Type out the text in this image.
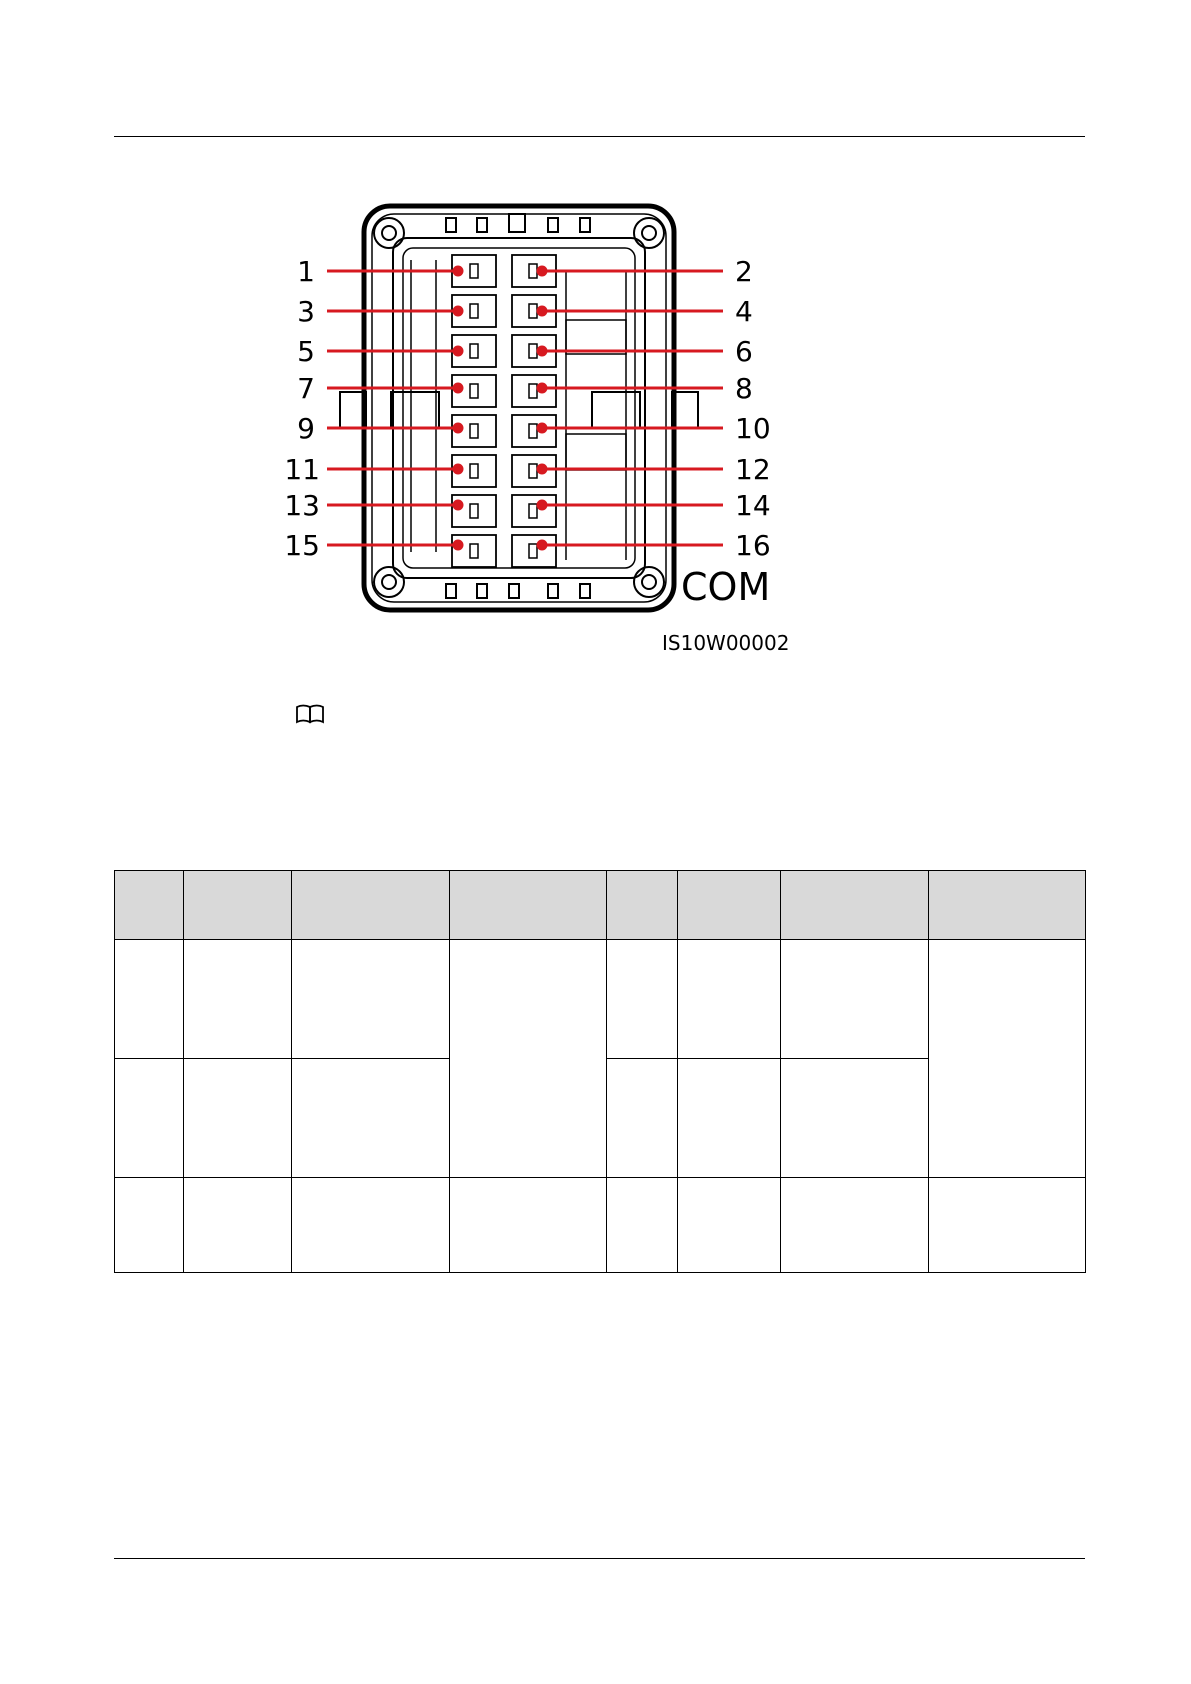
1
3
5
7
9
11
13
15
2
4
6
8
10
12
14
16
COM
IS10W00002
